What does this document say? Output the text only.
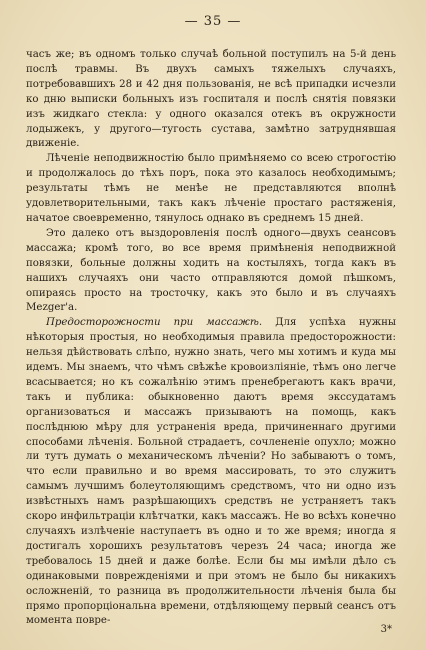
— 35 —

часъ же; въ одномъ только случаѣ больной поступилъ на 5-й день послѣ травмы. Въ двухъ самыхъ тяжелыхъ случаяхъ, потребовавшихъ 28 и 42 дня пользованія, не всѣ припадки исчезли ко дню выписки больныхъ изъ госпиталя и послѣ снятія повязки изъ жидкаго стекла: у одного оказался отекъ въ окружности лодыжекъ, у другого—тугость сустава, замѣтно затруднявшая движеніе.

Лѣченіе неподвижностію было примѣняемо со всею строгостію и продолжалось до тѣхъ поръ, пока это казалось необходимымъ; результаты тѣмъ не менѣе не представляются вполнѣ удовлетворительными, такъ какъ лѣченіе простаго растяженія, начатое своевременно, тянулось однако въ среднемъ 15 дней.

Это далеко отъ выздоровленія послѣ одного—двухъ сеансовъ массажа; кромѣ того, во все время примѣненія неподвижной повязки, больные должны ходить на костыляхъ, тогда какъ въ нашихъ случаяхъ они часто отправляются домой пѣшкомъ, опираясь просто на тросточку, какъ это было и въ случаяхъ Mezger'а.

Предосторожности при массажѣ. Для успѣха нужны нѣкоторыя простыя, но необходимыя правила предосторожности: нельзя дѣйствовать слѣпо, нужно знать, чего мы хотимъ и куда мы идемъ. Мы знаемъ, что чѣмъ свѣжѣе кровоизліяніе, тѣмъ оно легче всасывается; но къ сожалѣнію этимъ пренебрегаютъ какъ врачи, такъ и публика: обыкновенно даютъ время экссудатамъ организоваться и массажъ призываютъ на помощь, какъ послѣднюю мѣру для устраненія вреда, причиненнаго другими способами лѣченія. Больной страдаетъ, сочлененіе опухло; можно ли тутъ думать о механическомъ лѣченіи? Но забываютъ о томъ, что если правильно и во время массировать, то это служитъ самымъ лучшимъ болеутоляющимъ средствомъ, что ни одно изъ извѣстныхъ намъ разрѣшающихъ средствъ не устраняетъ такъ скоро инфильтраціи клѣтчатки, какъ массажъ. Не во всѣхъ конечно случаяхъ излѣченіе наступаетъ въ одно и то же время; иногда я достигалъ хорошихъ результатовъ черезъ 24 часа; иногда же требовалось 15 дней и даже болѣе. Если бы мы имѣли дѣло съ одинаковыми поврежденіями и при этомъ не было бы никакихъ осложненій, то разница въ продолжительности лѣченія была бы прямо пропорціональна времени, отдѣляющему первый сеансъ отъ момента повре-

3*
